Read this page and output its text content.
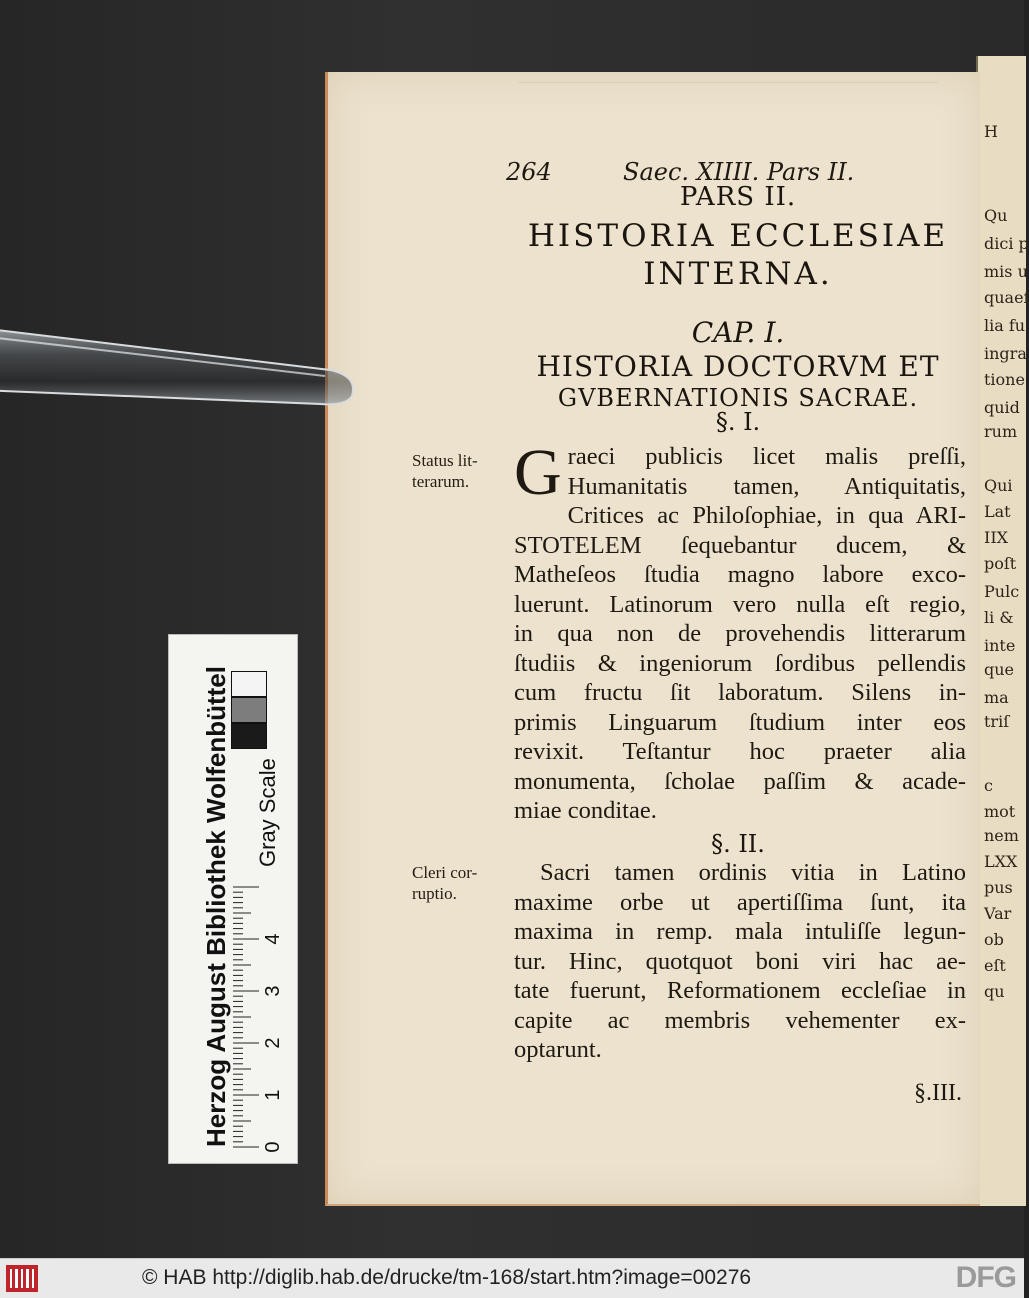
H
Qu
dici p
mis u
quaeſ
lia fu
ingra
tione
quid
rum
Qui
Lat
IIX
poſt
Pulc
li &
inte
que
ma
triſ
c
mot
nem
LXX
pus
Var
ob
eſt
qu
264	Saec. XIIII. Pars II.
PARS II.
HISTORIA ECCLESIAE
INTERNA.
CAP. I.
HISTORIA DOCTORVM ET
GVBERNATIONIS SACRAE.
§. I.
Status lit-
terarum. G raeci publicis licet malis preſſi,
Humanitatis tamen, Antiquitatis,
Critices ac Philoſophiae, in qua ARI-
STOTELEM ſequebantur ducem, &
Matheſeos ſtudia magno labore exco-
luerunt. Latinorum vero nulla eſt regio,
in qua non de provehendis litterarum
ſtudiis & ingeniorum ſordibus pellendis
cum fructu ſit laboratum. Silens in-
primis Linguarum ſtudium inter eos
revixit. Teſtantur hoc praeter alia
monumenta, ſcholae paſſim & acade-
miae conditae.
§. II.
Cleri cor-
ruptio.
Sacri tamen ordinis vitia in Latino
maxime orbe ut apertiſſima ſunt, ita
maxima in remp. mala intuliſſe legun-
tur. Hinc, quotquot boni viri hac ae-
tate fuerunt, Reformationem eccleſiae in
capite ac membris vehementer ex-
optarunt.
§.III.
Herzog August Bibliothek Wolfenbüttel Gray Scale
0
1
2
3
4
© HAB http://diglib.hab.de/drucke/tm-168/start.htm?image=00276	DFG
